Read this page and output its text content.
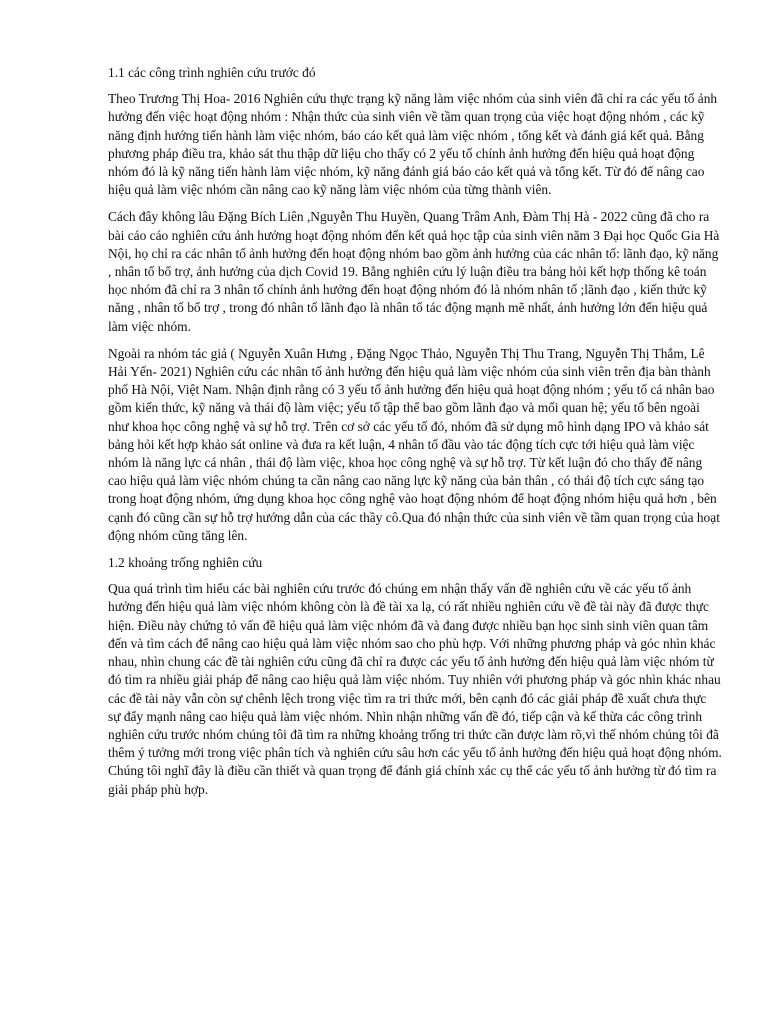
1.1 các công trình nghiên cứu trước đó

Theo Trương Thị Hoa- 2016 Nghiên cứu thực trạng kỹ năng làm việc nhóm của sinh viên đã chỉ ra các yếu tố ảnh hưởng đến việc hoạt động nhóm : Nhận thức của sinh viên về tầm quan trọng của việc hoạt động nhóm , các kỹ năng định hướng tiến hành làm việc nhóm, báo cáo kết quả làm việc nhóm , tổng kết và đánh giá kết quả. Bằng phương pháp điều tra, khảo sát thu thập dữ liệu cho thấy có 2 yếu tố chính ảnh hưởng đến hiệu quả hoạt động nhóm đó là kỹ năng tiến hành làm việc nhóm, kỹ năng đánh giá báo cáo kết quả và tổng kết. Từ đó để nâng cao hiệu quả làm việc nhóm cần nâng cao kỹ năng làm việc nhóm của từng thành viên.

Cách đây không lâu Đặng Bích Liên ,Nguyễn Thu Huyền, Quang Trâm Anh, Đàm Thị Hà - 2022 cũng đã cho ra bài cáo cáo nghiên cứu ảnh hưởng hoạt động nhóm đến kết quả học tập của sinh viên năm 3 Đại học Quốc Gia Hà Nội, họ chỉ ra các nhân tố ảnh hưởng đến hoạt động nhóm bao gồm ảnh hưởng của các nhân tố: lãnh đạo, kỹ năng , nhân tố bổ trợ, ảnh hưởng của dịch Covid 19. Bằng nghiên cứu lý luận điều tra bảng hỏi kết hợp thống kê toán học nhóm đã chỉ ra 3 nhân tố chính ảnh hưởng đến hoạt động nhóm đó là nhóm nhân tố ;lãnh đạo , kiến thức kỹ năng , nhân tố bổ trợ , trong đó nhân tố lãnh đạo là nhân tố tác động mạnh mẽ nhất, ảnh hưởng lớn đến hiệu quả làm việc nhóm.

Ngoài ra nhóm tác giả ( Nguyễn Xuân Hưng , Đặng Ngọc Thảo, Nguyễn Thị Thu Trang, Nguyễn Thị Thắm, Lê Hải Yến- 2021) Nghiên cứu các nhân tố ảnh hưởng đến hiệu quả làm việc nhóm của sinh viên trên địa bàn thành phố Hà Nội, Việt Nam. Nhận định rằng có 3 yếu tố ảnh hưởng đến hiệu quả hoạt động nhóm ; yếu tố cá nhân bao gồm kiến thức, kỹ năng và thái độ làm việc; yếu tố tập thể bao gồm lãnh đạo và mối quan hệ; yếu tố bên ngoài như khoa học công nghệ và sự hỗ trợ. Trên cơ sở các yếu tố đó, nhóm đã sử dụng mô hình dạng IPO và khảo sát bảng hỏi kết hợp khảo sát online và đưa ra kết luận, 4 nhân tố đầu vào tác động tích cực tới hiệu quả làm việc nhóm là năng lực cá nhân , thái độ làm việc, khoa học công nghệ và sự hỗ trợ. Từ kết luận đó cho thấy để nâng cao hiệu quả làm việc nhóm chúng ta cần nâng cao năng lực kỹ năng của bản thân , có thái độ tích cực sáng tạo trong hoạt động nhóm, ứng dụng khoa học công nghệ vào hoạt động nhóm để hoạt động nhóm hiệu quả hơn , bên cạnh đó cũng cần sự hỗ trợ hướng dẫn của các thầy cô.Qua đó nhận thức của sinh viên về tầm quan trọng của hoạt động nhóm cũng tăng lên.

1.2 khoảng trống nghiên cứu

Qua quá trình tìm hiểu các bài nghiên cứu trước đó chúng em nhận thấy vấn đề nghiên cứu về các yếu tố ảnh hưởng đến hiệu quả làm việc nhóm không còn là đề tài xa lạ, có rất nhiều nghiên cứu về đề tài này đã được thực hiện. Điều này chứng tỏ vấn đề hiệu quả làm việc nhóm đã và đang được nhiều bạn học sinh sinh viên quan tâm đến và tìm cách để nâng cao hiệu quả làm việc nhóm sao cho phù hợp. Với những phương pháp và góc nhìn khác nhau, nhìn chung các đề tài nghiên cứu cũng đã chỉ ra được các yếu tố ảnh hưởng đến hiệu quả làm việc nhóm từ đó tìm ra nhiều giải pháp để nâng cao hiệu quả làm việc nhóm. Tuy nhiên với phương pháp và góc nhìn khác nhau các đề tài này vẫn còn sự chênh lệch trong việc tìm ra tri thức mới, bên cạnh đó các giải pháp đề xuất chưa thực sự đẩy mạnh nâng cao hiệu quả làm việc nhóm. Nhìn nhận những vấn đề đó, tiếp cận và kế thừa các công trình nghiên cứu trước nhóm chúng tôi đã tìm ra những khoảng trống tri thức cần được làm rõ,vì thế nhóm chúng tôi đã thêm ý tưởng mới trong việc phân tích và nghiên cứu sâu hơn các yếu tố ảnh hưởng đến hiệu quả hoạt động nhóm. Chúng tôi nghĩ đây là điều cần thiết và quan trọng để đánh giá chính xác cụ thể các yếu tố ảnh hưởng từ đó tìm ra giải pháp phù hợp.
